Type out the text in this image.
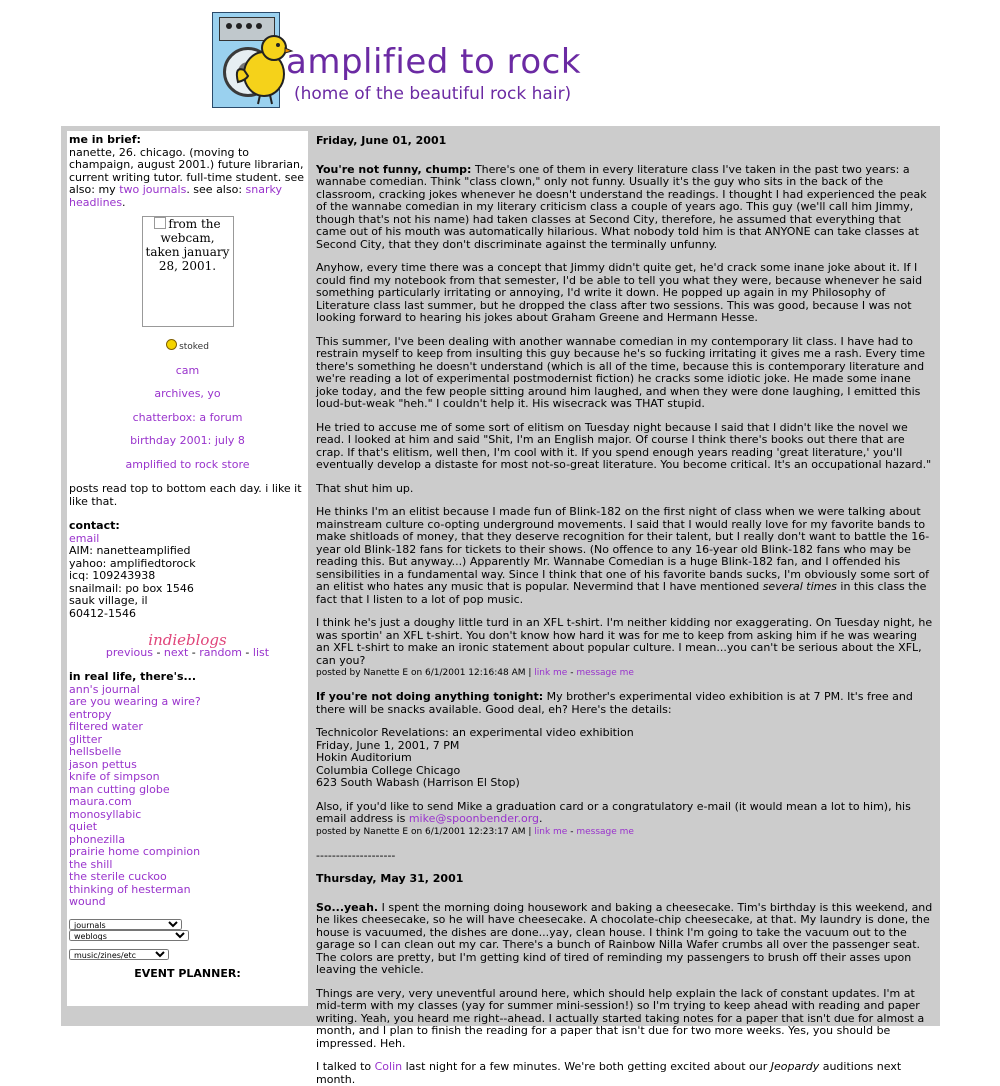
amplified to rock
(home of the beautiful rock hair)
me in brief:
nanette, 26. chicago. (moving to champaign, august 2001.) future librarian, current writing tutor. full-time student. see also: my two journals. see also: snarky headlines.
from the webcam, taken january 28, 2001.
stoked
cam
archives, yo
chatterbox: a forum
birthday 2001: july 8
amplified to rock store
posts read top to bottom each day. i like it like that.
contact:
email
AIM: nanetteamplified
yahoo: amplifiedtorock
icq: 109243938
snailmail: po box 1546
sauk village, il
60412-1546
indieblogs
previous - next - random - list
in real life, there's...
ann's journal
are you wearing a wire?
entropy
filtered water
glitter
hellsbelle
jason pettus
knife of simpson
man cutting globe
maura.com
monosyllabic
quiet
phonezilla
prairie home compinion
the shill
the sterile cuckoo
thinking of hesterman
wound
journals
weblogs
music/zines/etc
EVENT PLANNER:
Friday, June 01, 2001

You're not funny, chump: There's one of them in every literature class I've taken in the past two years: a wannabe comedian. Think "class clown," only not funny. Usually it's the guy who sits in the back of the classroom, cracking jokes whenever he doesn't understand the readings. I thought I had experienced the peak of the wannabe comedian in my literary criticism class a couple of years ago. This guy (we'll call him Jimmy, though that's not his name) had taken classes at Second City, therefore, he assumed that everything that came out of his mouth was automatically hilarious. What nobody told him is that ANYONE can take classes at Second City, that they don't discriminate against the terminally unfunny.

Anyhow, every time there was a concept that Jimmy didn't quite get, he'd crack some inane joke about it. If I could find my notebook from that semester, I'd be able to tell you what they were, because whenever he said something particularly irritating or annoying, I'd write it down. He popped up again in my Philosophy of Literature class last summer, but he dropped the class after two sessions. This was good, because I was not looking forward to hearing his jokes about Graham Greene and Hermann Hesse.

This summer, I've been dealing with another wannabe comedian in my contemporary lit class. I have had to restrain myself to keep from insulting this guy because he's so fucking irritating it gives me a rash. Every time there's something he doesn't understand (which is all of the time, because this is contemporary literature and we're reading a lot of experimental postmodernist fiction) he cracks some idiotic joke. He made some inane joke today, and the few people sitting around him laughed, and when they were done laughing, I emitted this loud-but-weak "heh." I couldn't help it. His wisecrack was THAT stupid.

He tried to accuse me of some sort of elitism on Tuesday night because I said that I didn't like the novel we read. I looked at him and said "Shit, I'm an English major. Of course I think there's books out there that are crap. If that's elitism, well then, I'm cool with it. If you spend enough years reading 'great literature,' you'll eventually develop a distaste for most not-so-great literature. You become critical. It's an occupational hazard."

That shut him up.

He thinks I'm an elitist because I made fun of Blink-182 on the first night of class when we were talking about mainstream culture co-opting underground movements. I said that I would really love for my favorite bands to make shitloads of money, that they deserve recognition for their talent, but I really don't want to battle the 16-year old Blink-182 fans for tickets to their shows. (No offence to any 16-year old Blink-182 fans who may be reading this. But anyway...) Apparently Mr. Wannabe Comedian is a huge Blink-182 fan, and I offended his sensibilities in a fundamental way. Since I think that one of his favorite bands sucks, I'm obviously some sort of an elitist who hates any music that is popular. Nevermind that I have mentioned several times in this class the fact that I listen to a lot of pop music.

I think he's just a doughy little turd in an XFL t-shirt. I'm neither kidding nor exaggerating. On Tuesday night, he was sportin' an XFL t-shirt. You don't know how hard it was for me to keep from asking him if he was wearing an XFL t-shirt to make an ironic statement about popular culture. I mean...you can't be serious about the XFL, can you?

posted by Nanette E on 6/1/2001 12:16:48 AM | link me - message me

If you're not doing anything tonight: My brother's experimental video exhibition is at 7 PM. It's free and there will be snacks available. Good deal, eh? Here's the details:

Technicolor Revelations: an experimental video exhibition
Friday, June 1, 2001, 7 PM
Hokin Auditorium
Columbia College Chicago
623 South Wabash (Harrison El Stop)

Also, if you'd like to send Mike a graduation card or a congratulatory e-mail (it would mean a lot to him), his email address is mike@spoonbender.org.

posted by Nanette E on 6/1/2001 12:23:17 AM | link me - message me

--------------------

Thursday, May 31, 2001

So...yeah. I spent the morning doing housework and baking a cheesecake. Tim's birthday is this weekend, and he likes cheesecake, so he will have cheesecake. A chocolate-chip cheesecake, at that. My laundry is done, the house is vacuumed, the dishes are done...yay, clean house. I think I'm going to take the vacuum out to the garage so I can clean out my car. There's a bunch of Rainbow Nilla Wafer crumbs all over the passenger seat. The colors are pretty, but I'm getting kind of tired of reminding my passengers to brush off their asses upon leaving the vehicle.

Things are very, very uneventful around here, which should help explain the lack of constant updates. I'm at mid-term with my classes (yay for summer mini-session!) so I'm trying to keep ahead with reading and paper writing. Yeah, you heard me right--ahead. I actually started taking notes for a paper that isn't due for almost a month, and I plan to finish the reading for a paper that isn't due for two more weeks. Yes, you should be impressed. Heh.

I talked to Colin last night for a few minutes. We're both getting excited about our Jeopardy auditions next month.
